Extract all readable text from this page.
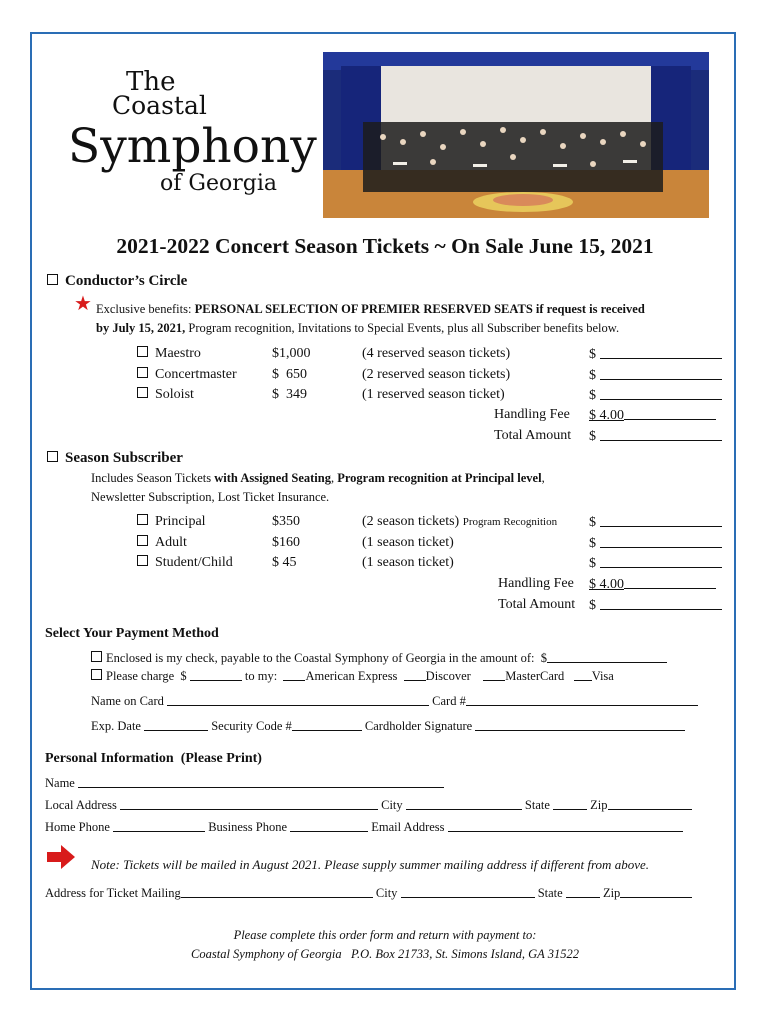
The
Coastal
Symphony
of Georgia
2021-2022 Concert Season Tickets ~ On Sale June 15, 2021
Conductor’s Circle
★ Exclusive benefits: PERSONAL SELECTION OF PREMIER RESERVED SEATS if request is received
by July 15, 2021, Program recognition, Invitations to Special Events, plus all Subscriber benefits below.
Maestro	$1,000	(4 reserved season tickets)	$
Concertmaster	$  650	(2 reserved season tickets)	$
Soloist	$  349	(1 reserved season ticket)	$
Handling Fee $ 4.00
Total Amount $
Season Subscriber
Includes Season Tickets with Assigned Seating, Program recognition at Principal level,
Newsletter Subscription, Lost Ticket Insurance.
Principal	$350	(2 season tickets) Program Recognition $
Adult	$160	(1 season ticket)	$
Student/Child	$ 45	(1 season ticket)	$
Handling Fee $ 4.00
Total Amount $
Select Your Payment Method
Enclosed is my check, payable to the Coastal Symphony of Georgia in the amount of: $
Please charge $	to my: American Express Discover	MasterCard Visa
Name on Card	Card #
Exp. Date	Security Code #	Cardholder Signature
Personal Information (Please Print)
Name
Local Address	City	State	Zip
Home Phone	Business Phone	Email Address
Note: Tickets will be mailed in August 2021. Please supply summer mailing address if different from above.
Address for Ticket Mailing	City	State	Zip
Please complete this order form and return with payment to:
Coastal Symphony of Georgia   P.O. Box 21733, St. Simons Island, GA 31522
